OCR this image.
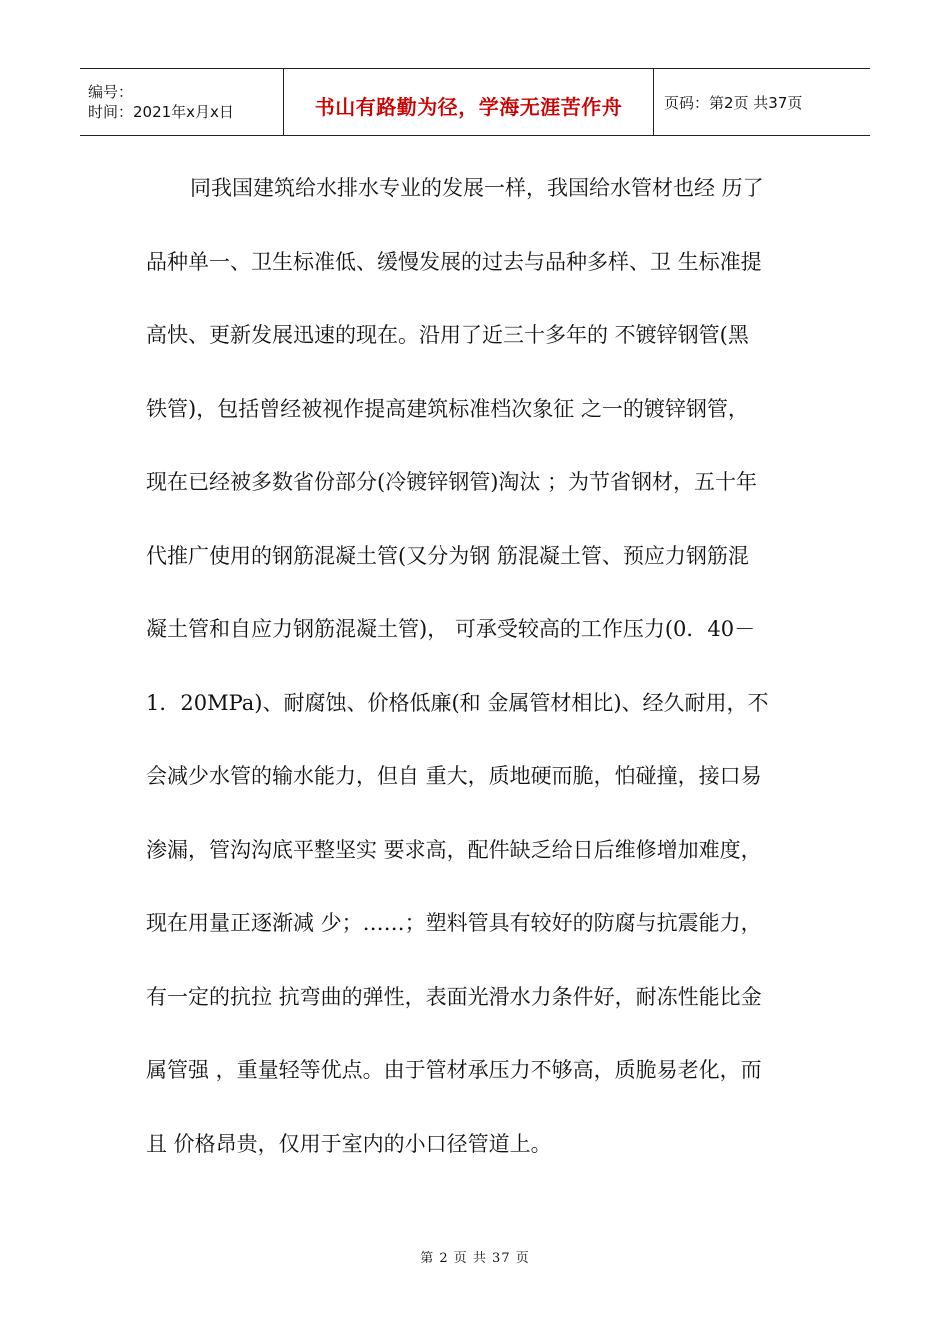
编号：
时间：2021年x月x日	书山有路勤为径，学海无涯苦作舟	页码：第2页 共37页
同我国建筑给水排水专业的发展一样，我国给水管材也经 历了
品种单一、卫生标准低、缓慢发展的过去与品种多样、卫 生标准提
高快、更新发展迅速的现在。沿用了近三十多年的 不镀锌钢管(黑
铁管)，包括曾经被视作提高建筑标准档次象征 之一的镀锌钢管，
现在已经被多数省份部分(冷镀锌钢管)淘汰 ；为节省钢材，五十年
代推广使用的钢筋混凝土管(又分为钢 筋混凝土管、预应力钢筋混
凝土管和自应力钢筋混凝土管)， 可承受较高的工作压力(0．40－
1．20MPa)、耐腐蚀、价格低廉(和 金属管材相比)、经久耐用，不
会减少水管的输水能力，但自 重大，质地硬而脆，怕碰撞，接口易
渗漏，管沟沟底平整坚实 要求高，配件缺乏给日后维修增加难度，
现在用量正逐渐减 少；……；塑料管具有较好的防腐与抗震能力，
有一定的抗拉 抗弯曲的弹性，表面光滑水力条件好，耐冻性能比金
属管强 ，重量轻等优点。由于管材承压力不够高，质脆易老化，而
且 价格昂贵，仅用于室内的小口径管道上。
第 2 页 共 37 页
